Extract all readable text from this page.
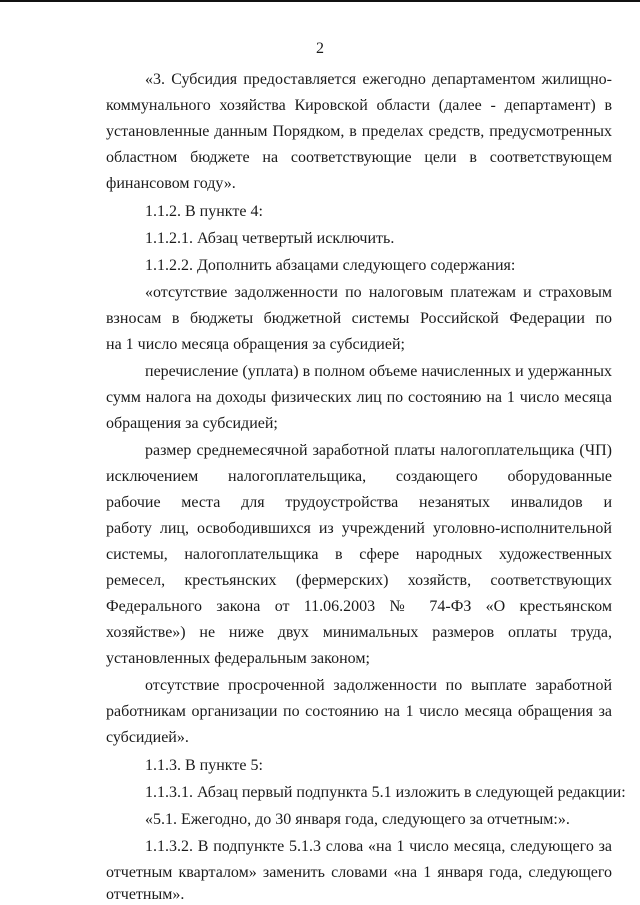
2
«3. Субсидия предоставляется ежегодно департаментом жилищно-
коммунального хозяйства Кировской области (далее - департамент) в
установленные данным Порядком, в пределах средств, предусмотренных
областном бюджете на соответствующие цели в соответствующем
финансовом году».
1.1.2. В пункте 4:
1.1.2.1. Абзац четвертый исключить.
1.1.2.2. Дополнить абзацами следующего содержания:
«отсутствие задолженности по налоговым платежам и страховым
взносам в бюджеты бюджетной системы Российской Федерации по
на 1 число месяца обращения за субсидией;
перечисление (уплата) в полном объеме начисленных и удержанных
сумм налога на доходы физических лиц по состоянию на 1 число месяца
обращения за субсидией;
размер среднемесячной заработной платы налогоплательщика (ЧП)
исключением налогоплательщика, создающего оборудованные
рабочие места для трудоустройства незанятых инвалидов и
работу лиц, освободившихся из учреждений уголовно-исполнительной
системы, налогоплательщика в сфере народных художественных
ремесел, крестьянских (фермерских) хозяйств, соответствующих
Федерального закона от 11.06.2003 № 74-ФЗ «О крестьянском
хозяйстве») не ниже двух минимальных размеров оплаты труда,
установленных федеральным законом;
отсутствие просроченной задолженности по выплате заработной
работникам организации по состоянию на 1 число месяца обращения за
субсидией».
1.1.3. В пункте 5:
1.1.3.1. Абзац первый подпункта 5.1 изложить в следующей редакции:
«5.1. Ежегодно, до 30 января года, следующего за отчетным:».
1.1.3.2. В подпункте 5.1.3 слова «на 1 число месяца, следующего за
отчетным кварталом» заменить словами «на 1 января года, следующего
отчетным».
